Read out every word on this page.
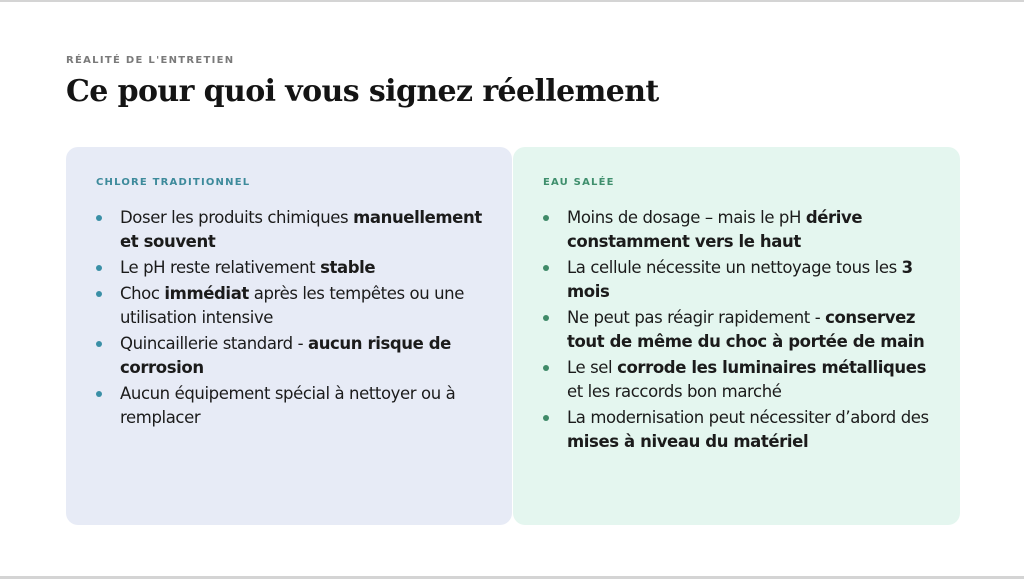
RÉALITÉ DE L'ENTRETIEN
Ce pour quoi vous signez réellement
CHLORE TRADITIONNEL
Doser les produits chimiques manuellement et souvent
Le pH reste relativement stable
Choc immédiat après les tempêtes ou une utilisation intensive
Quincaillerie standard - aucun risque de corrosion
Aucun équipement spécial à nettoyer ou à remplacer
EAU SALÉE
Moins de dosage – mais le pH dérive constamment vers le haut
La cellule nécessite un nettoyage tous les 3 mois
Ne peut pas réagir rapidement - conservez tout de même du choc à portée de main
Le sel corrode les luminaires métalliques et les raccords bon marché
La modernisation peut nécessiter d’abord des mises à niveau du matériel
